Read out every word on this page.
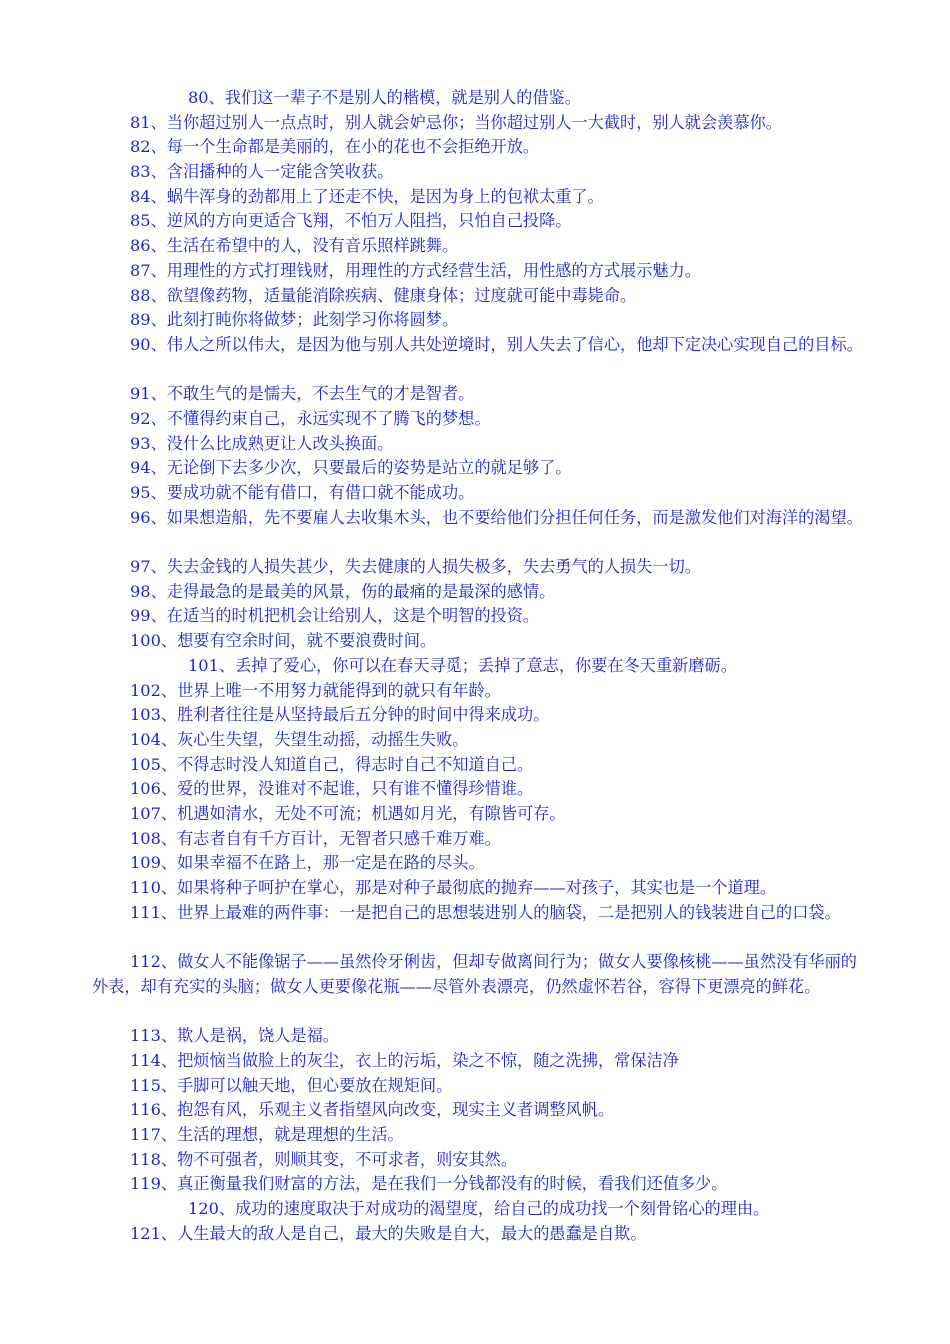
80、我们这一辈子不是别人的楷模，就是别人的借鉴。
81、当你超过别人一点点时，别人就会妒忌你；当你超过别人一大截时，别人就会羡慕你。
82、每一个生命都是美丽的，在小的花也不会拒绝开放。
83、含泪播种的人一定能含笑收获。
84、蜗牛浑身的劲都用上了还走不快，是因为身上的包袱太重了。
85、逆风的方向更适合飞翔，不怕万人阻挡，只怕自己投降。
86、生活在希望中的人，没有音乐照样跳舞。
87、用理性的方式打理钱财，用理性的方式经营生活，用性感的方式展示魅力。
88、欲望像药物，适量能消除疾病、健康身体；过度就可能中毒毙命。
89、此刻打盹你将做梦；此刻学习你将圆梦。
90、伟人之所以伟大，是因为他与别人共处逆境时，别人失去了信心，他却下定决心实现自己的目标。
91、不敢生气的是懦夫，不去生气的才是智者。
92、不懂得约束自己，永远实现不了腾飞的梦想。
93、没什么比成熟更让人改头换面。
94、无论倒下去多少次，只要最后的姿势是站立的就足够了。
95、要成功就不能有借口，有借口就不能成功。
96、如果想造船，先不要雇人去收集木头，也不要给他们分担任何任务，而是激发他们对海洋的渴望。
97、失去金钱的人损失甚少，失去健康的人损失极多，失去勇气的人损失一切。
98、走得最急的是最美的风景，伤的最痛的是最深的感情。
99、在适当的时机把机会让给别人，这是个明智的投资。
100、想要有空余时间，就不要浪费时间。
101、丢掉了爱心，你可以在春天寻觅；丢掉了意志，你要在冬天重新磨砺。
102、世界上唯一不用努力就能得到的就只有年龄。
103、胜利者往往是从坚持最后五分钟的时间中得来成功。
104、灰心生失望，失望生动摇，动摇生失败。
105、不得志时没人知道自己，得志时自己不知道自己。
106、爱的世界，没谁对不起谁，只有谁不懂得珍惜谁。
107、机遇如清水，无处不可流；机遇如月光，有隙皆可存。
108、有志者自有千方百计，无智者只感千难万难。
109、如果幸福不在路上，那一定是在路的尽头。
110、如果将种子呵护在掌心，那是对种子最彻底的抛弃——对孩子，其实也是一个道理。
111、世界上最难的两件事：一是把自己的思想装进别人的脑袋，二是把别人的钱装进自己的口袋。
112、做女人不能像锯子——虽然伶牙俐齿，但却专做离间行为；做女人要像核桃——虽然没有华丽的外表，却有充实的头脑；做女人更要像花瓶——尽管外表漂亮，仍然虚怀若谷，容得下更漂亮的鲜花。
113、欺人是祸，饶人是福。
114、把烦恼当做脸上的灰尘，衣上的污垢，染之不惊，随之洗拂，常保洁净
115、手脚可以触天地，但心要放在规矩间。
116、抱怨有风，乐观主义者指望风向改变，现实主义者调整风帆。
117、生活的理想，就是理想的生活。
118、物不可强者，则顺其变，不可求者，则安其然。
119、真正衡量我们财富的方法，是在我们一分钱都没有的时候，看我们还值多少。
120、成功的速度取决于对成功的渴望度，给自己的成功找一个刻骨铭心的理由。
121、人生最大的敌人是自己，最大的失败是自大，最大的愚蠢是自欺。
